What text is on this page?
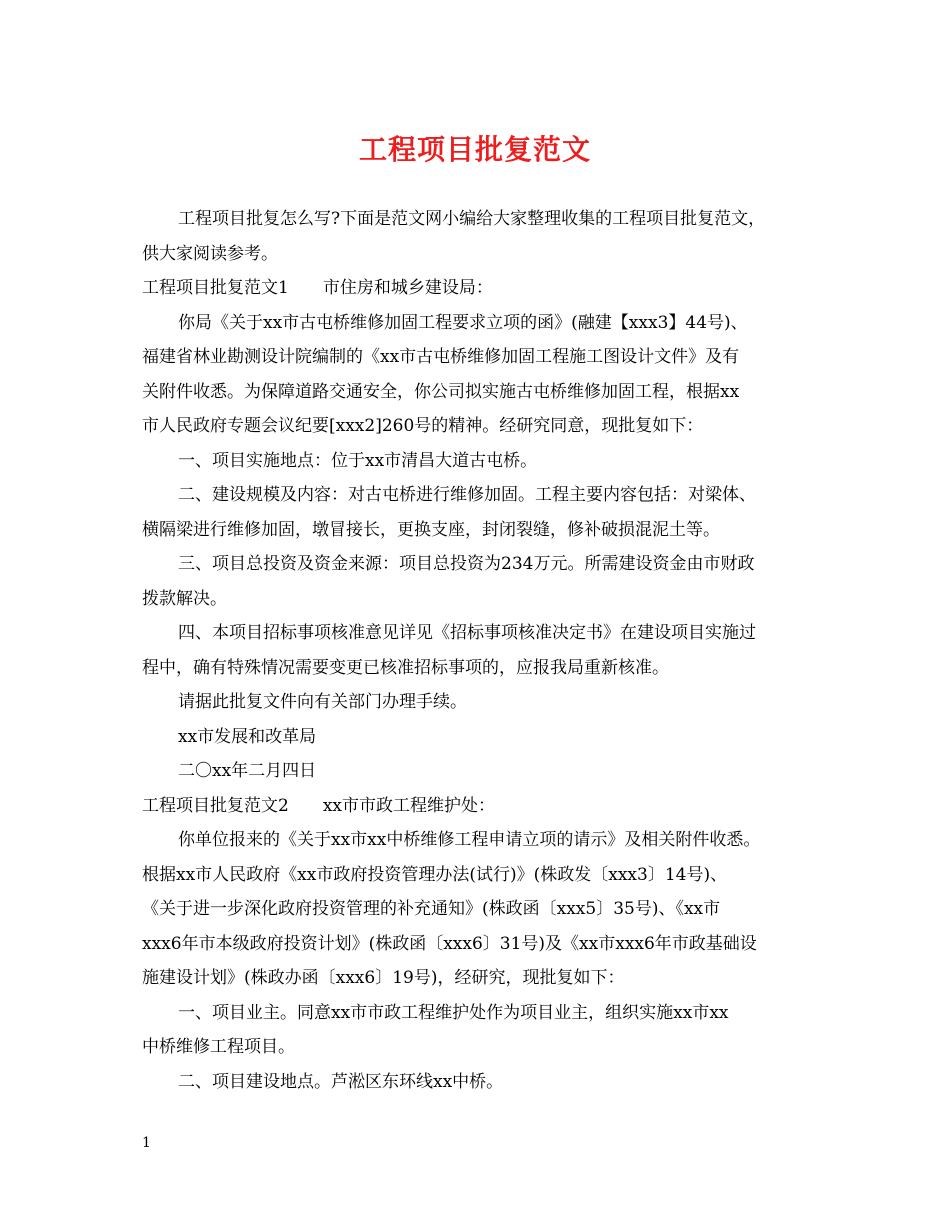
工程项目批复范文
工程项目批复怎么写?下面是范文网小编给大家整理收集的工程项目批复范文，
供大家阅读参考。
工程项目批复范文1　　市住房和城乡建设局：
你局《关于xx市古屯桥维修加固工程要求立项的函》(融建【xxx3】44号)、
福建省林业勘测设计院编制的《xx市古屯桥维修加固工程施工图设计文件》及有
关附件收悉。为保障道路交通安全，你公司拟实施古屯桥维修加固工程，根据xx
市人民政府专题会议纪要[xxx2]260号的精神。经研究同意，现批复如下：
一、项目实施地点：位于xx市清昌大道古屯桥。
二、建设规模及内容：对古屯桥进行维修加固。工程主要内容包括：对梁体、
横隔梁进行维修加固，墩冒接长，更换支座，封闭裂缝，修补破损混泥土等。
三、项目总投资及资金来源：项目总投资为234万元。所需建设资金由市财政
拨款解决。
四、本项目招标事项核准意见详见《招标事项核准决定书》在建设项目实施过
程中，确有特殊情况需要变更已核准招标事项的，应报我局重新核准。
请据此批复文件向有关部门办理手续。
xx市发展和改革局
二〇xx年二月四日
工程项目批复范文2　　xx市市政工程维护处：
你单位报来的《关于xx市xx中桥维修工程申请立项的请示》及相关附件收悉。
根据xx市人民政府《xx市政府投资管理办法(试行)》(株政发〔xxx3〕14号)、
《关于进一步深化政府投资管理的补充通知》(株政函〔xxx5〕35号)、《xx市
xxx6年市本级政府投资计划》(株政函〔xxx6〕31号)及《xx市xxx6年市政基础设
施建设计划》(株政办函〔xxx6〕19号)，经研究，现批复如下：
一、项目业主。同意xx市市政工程维护处作为项目业主，组织实施xx市xx
中桥维修工程项目。
二、项目建设地点。芦淞区东环线xx中桥。
1
